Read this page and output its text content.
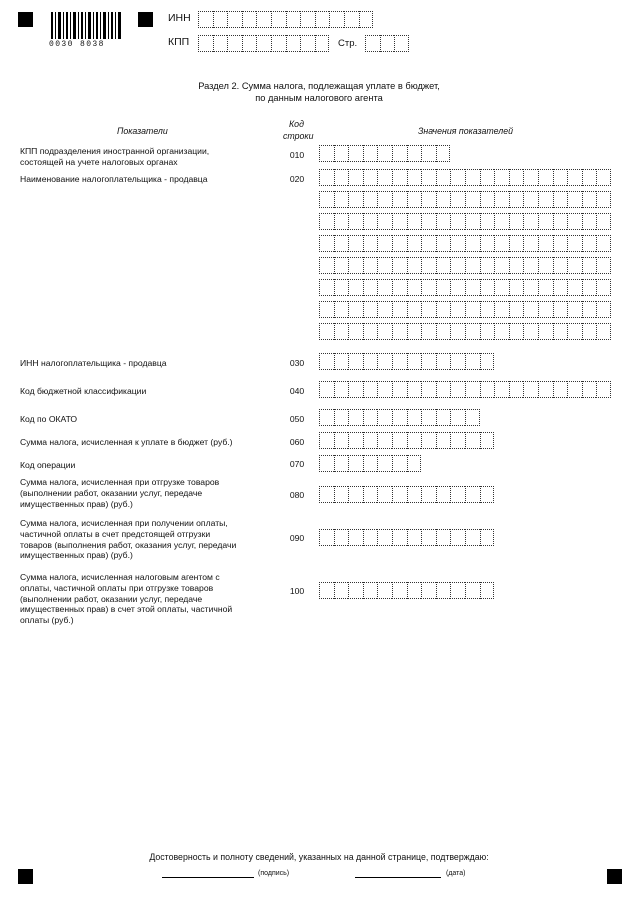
0030 8038
ИНН
КПП	Стр.
Раздел 2. Сумма налога, подлежащая уплате в бюджет,
по данным налогового агента
Показатели
Код
строки	Значения показателей
КПП подразделения иностранной организации,
состоящей на учете налоговых органах
010
Наименование налогоплательщика - продавца	020
ИНН налогоплательщика - продавца	030
Код бюджетной классификации	040
Код по ОКАТО	050
Сумма налога, исчисленная к уплате в бюджет (руб.)	060
Код операции	070
Сумма налога, исчисленная при отгрузке товаров
(выполнении работ, оказании услуг, передаче
имущественных прав) (руб.)
080
Сумма налога, исчисленная при получении оплаты,
частичной оплаты в счет предстоящей отгрузки
товаров (выполнения работ, оказания услуг, передачи
имущественных прав) (руб.)
090
Сумма налога, исчисленная налоговым агентом с
оплаты, частичной оплаты при отгрузке товаров
(выполнении работ, оказании услуг, передаче
имущественных прав) в счет этой оплаты, частичной
оплаты (руб.)
100
Достоверность и полноту сведений, указанных на данной странице, подтверждаю:
(подпись)	(дата)
